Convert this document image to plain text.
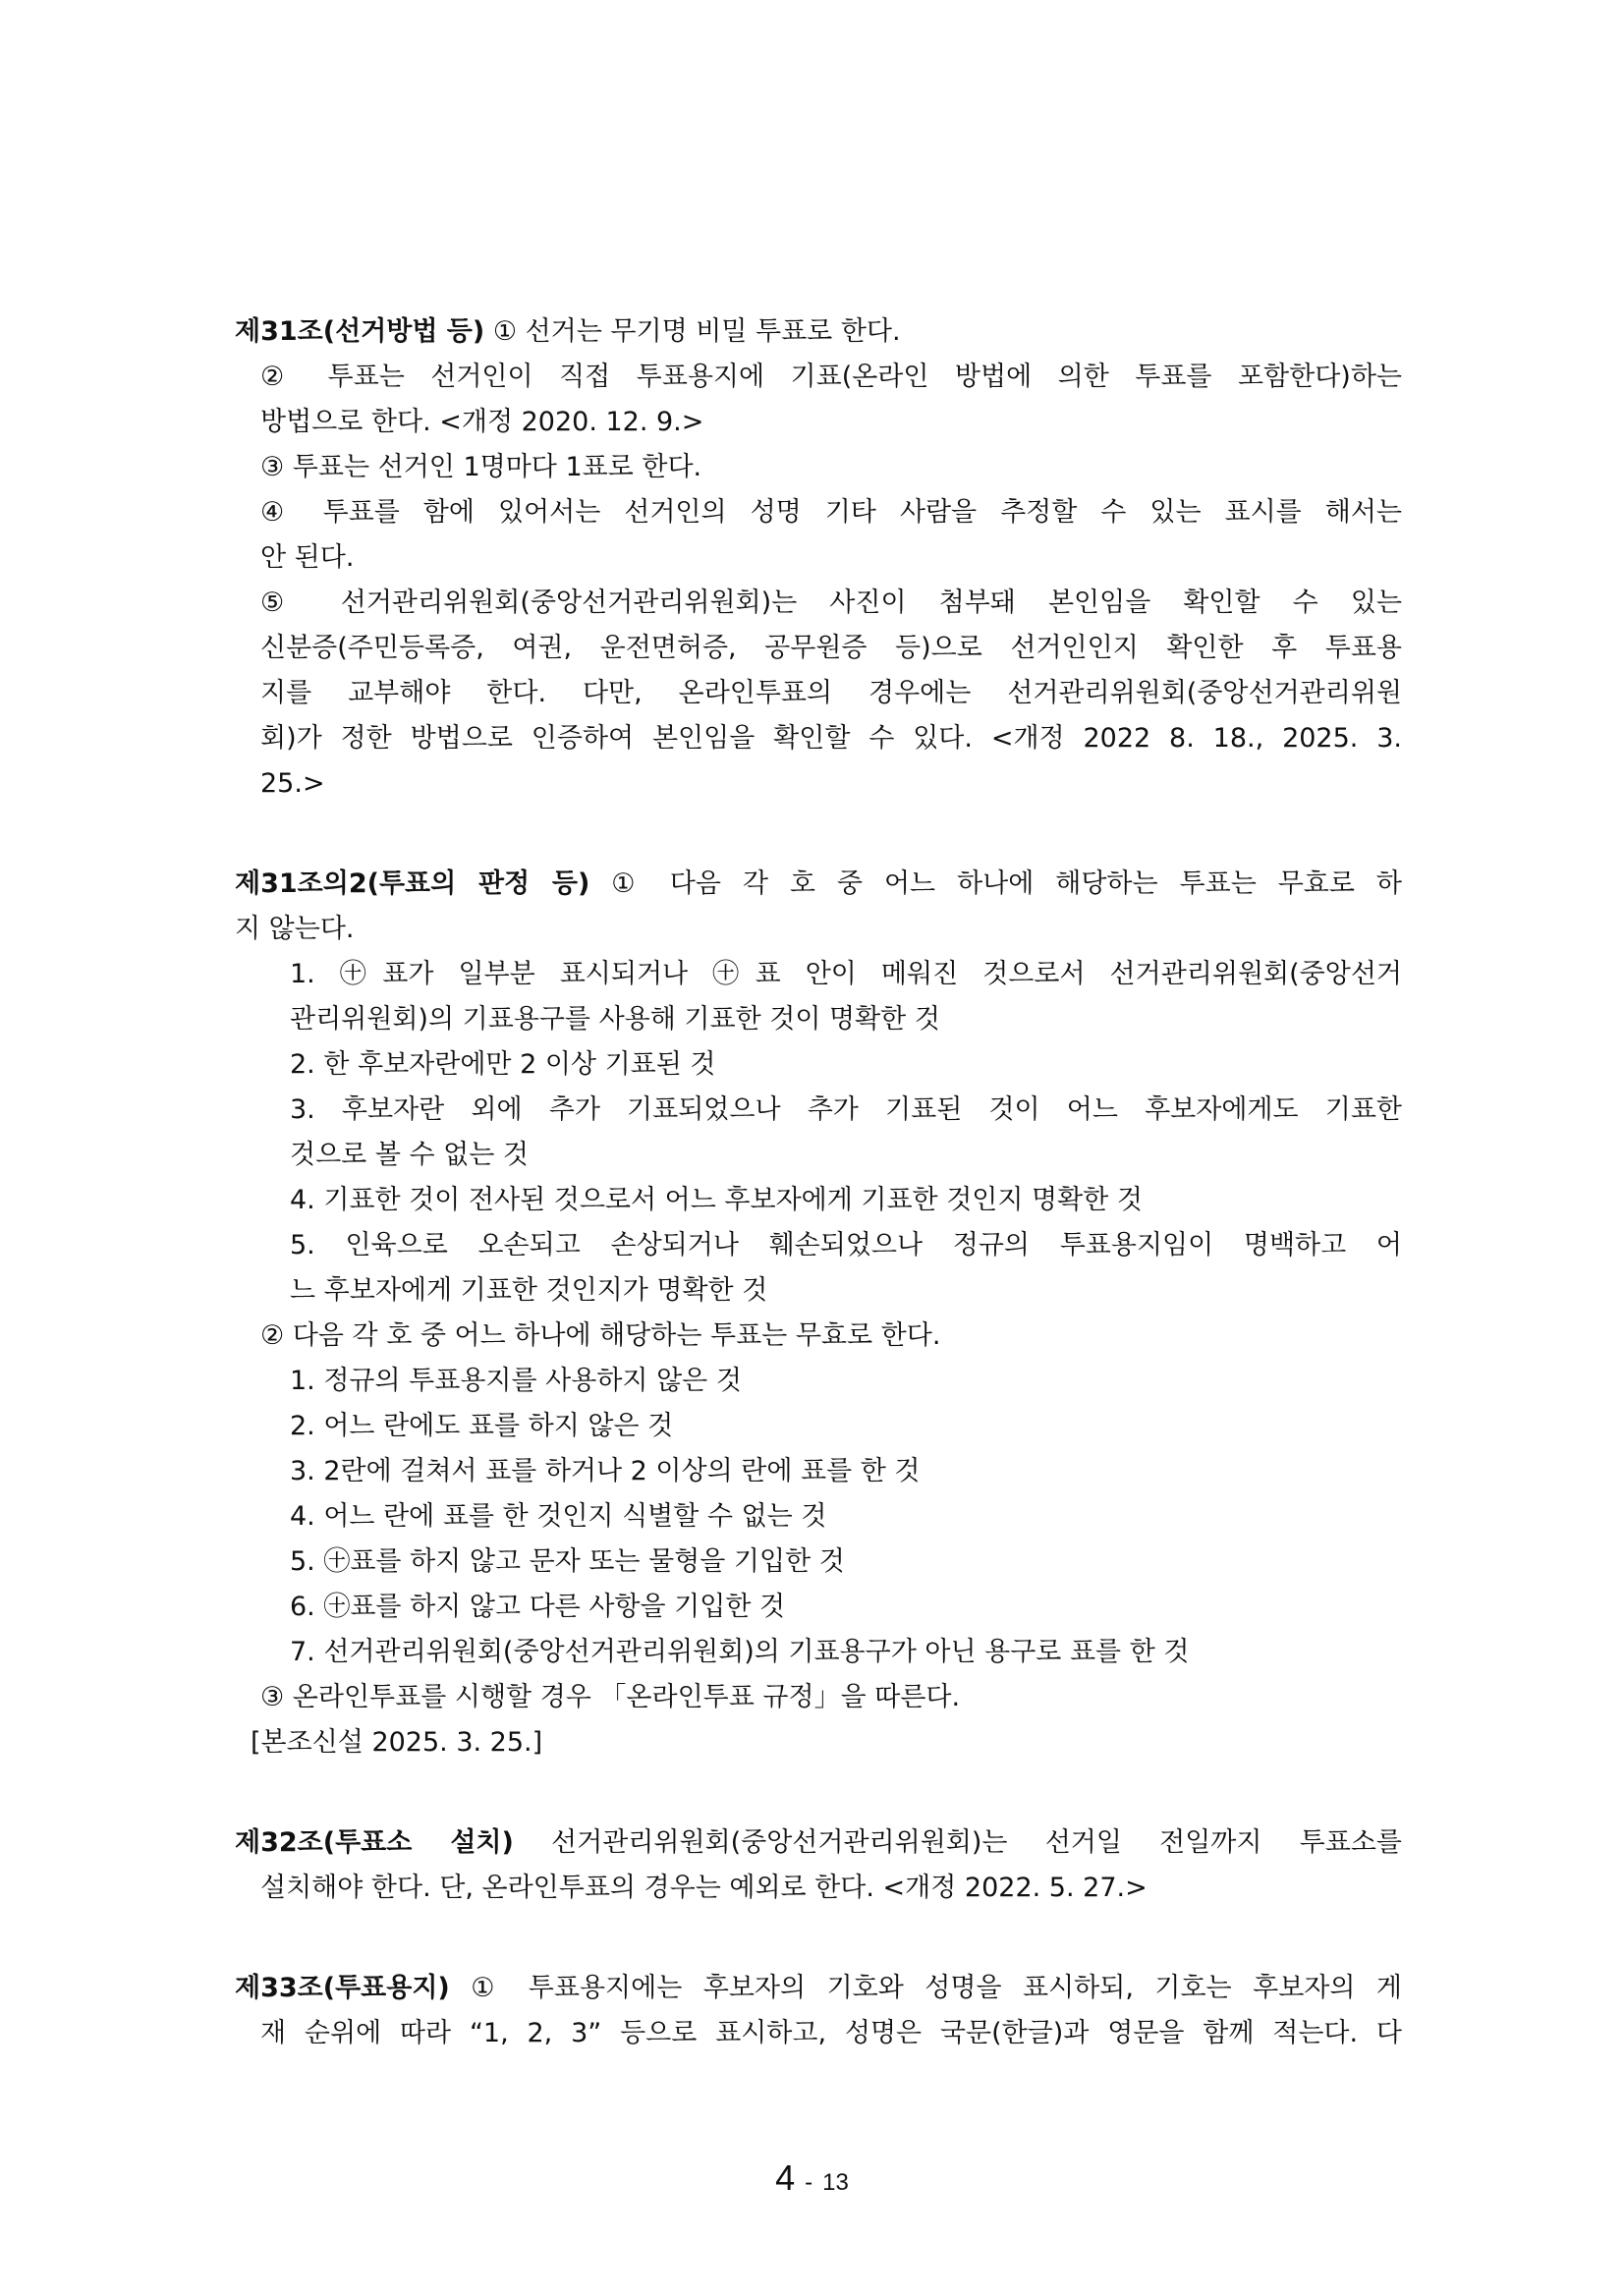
제31조(선거방법 등) ① 선거는 무기명 비밀 투표로 한다.
② 투표는 선거인이 직접 투표용지에 기표(온라인 방법에 의한 투표를 포함한다)하는
방법으로 한다. <개정 2020. 12. 9.>
③ 투표는 선거인 1명마다 1표로 한다.
④ 투표를 함에 있어서는 선거인의 성명 기타 사람을 추정할 수 있는 표시를 해서는
안 된다.
⑤ 선거관리위원회(중앙선거관리위원회)는 사진이 첨부돼 본인임을 확인할 수 있는
신분증(주민등록증, 여권, 운전면허증, 공무원증 등)으로 선거인인지 확인한 후 투표용
지를 교부해야 한다. 다만, 온라인투표의 경우에는 선거관리위원회(중앙선거관리위원
회)가 정한 방법으로 인증하여 본인임을 확인할 수 있다. <개정 2022 8. 18., 2025. 3.
25.>
제31조의2(투표의 판정 등) ① 다음 각 호 중 어느 하나에 해당하는 투표는 무효로 하
지 않는다.
1. ㊉표가 일부분 표시되거나 ㊉표 안이 메워진 것으로서 선거관리위원회(중앙선거
관리위원회)의 기표용구를 사용해 기표한 것이 명확한 것
2. 한 후보자란에만 2 이상 기표된 것
3. 후보자란 외에 추가 기표되었으나 추가 기표된 것이 어느 후보자에게도 기표한
것으로 볼 수 없는 것
4. 기표한 것이 전사된 것으로서 어느 후보자에게 기표한 것인지 명확한 것
5. 인육으로 오손되고 손상되거나 훼손되었으나 정규의 투표용지임이 명백하고 어
느 후보자에게 기표한 것인지가 명확한 것
② 다음 각 호 중 어느 하나에 해당하는 투표는 무효로 한다.
1. 정규의 투표용지를 사용하지 않은 것
2. 어느 란에도 표를 하지 않은 것
3. 2란에 걸쳐서 표를 하거나 2 이상의 란에 표를 한 것
4. 어느 란에 표를 한 것인지 식별할 수 없는 것
5. ㊉표를 하지 않고 문자 또는 물형을 기입한 것
6. ㊉표를 하지 않고 다른 사항을 기입한 것
7. 선거관리위원회(중앙선거관리위원회)의 기표용구가 아닌 용구로 표를 한 것
③ 온라인투표를 시행할 경우 「온라인투표 규정」을 따른다.
[본조신설 2025. 3. 25.]
제32조(투표소 설치) 선거관리위원회(중앙선거관리위원회)는 선거일 전일까지 투표소를
설치해야 한다. 단, 온라인투표의 경우는 예외로 한다. <개정 2022. 5. 27.>
제33조(투표용지) ① 투표용지에는 후보자의 기호와 성명을 표시하되, 기호는 후보자의 게
재 순위에 따라 “1, 2, 3” 등으로 표시하고, 성명은 국문(한글)과 영문을 함께 적는다. 다
4 - 13
